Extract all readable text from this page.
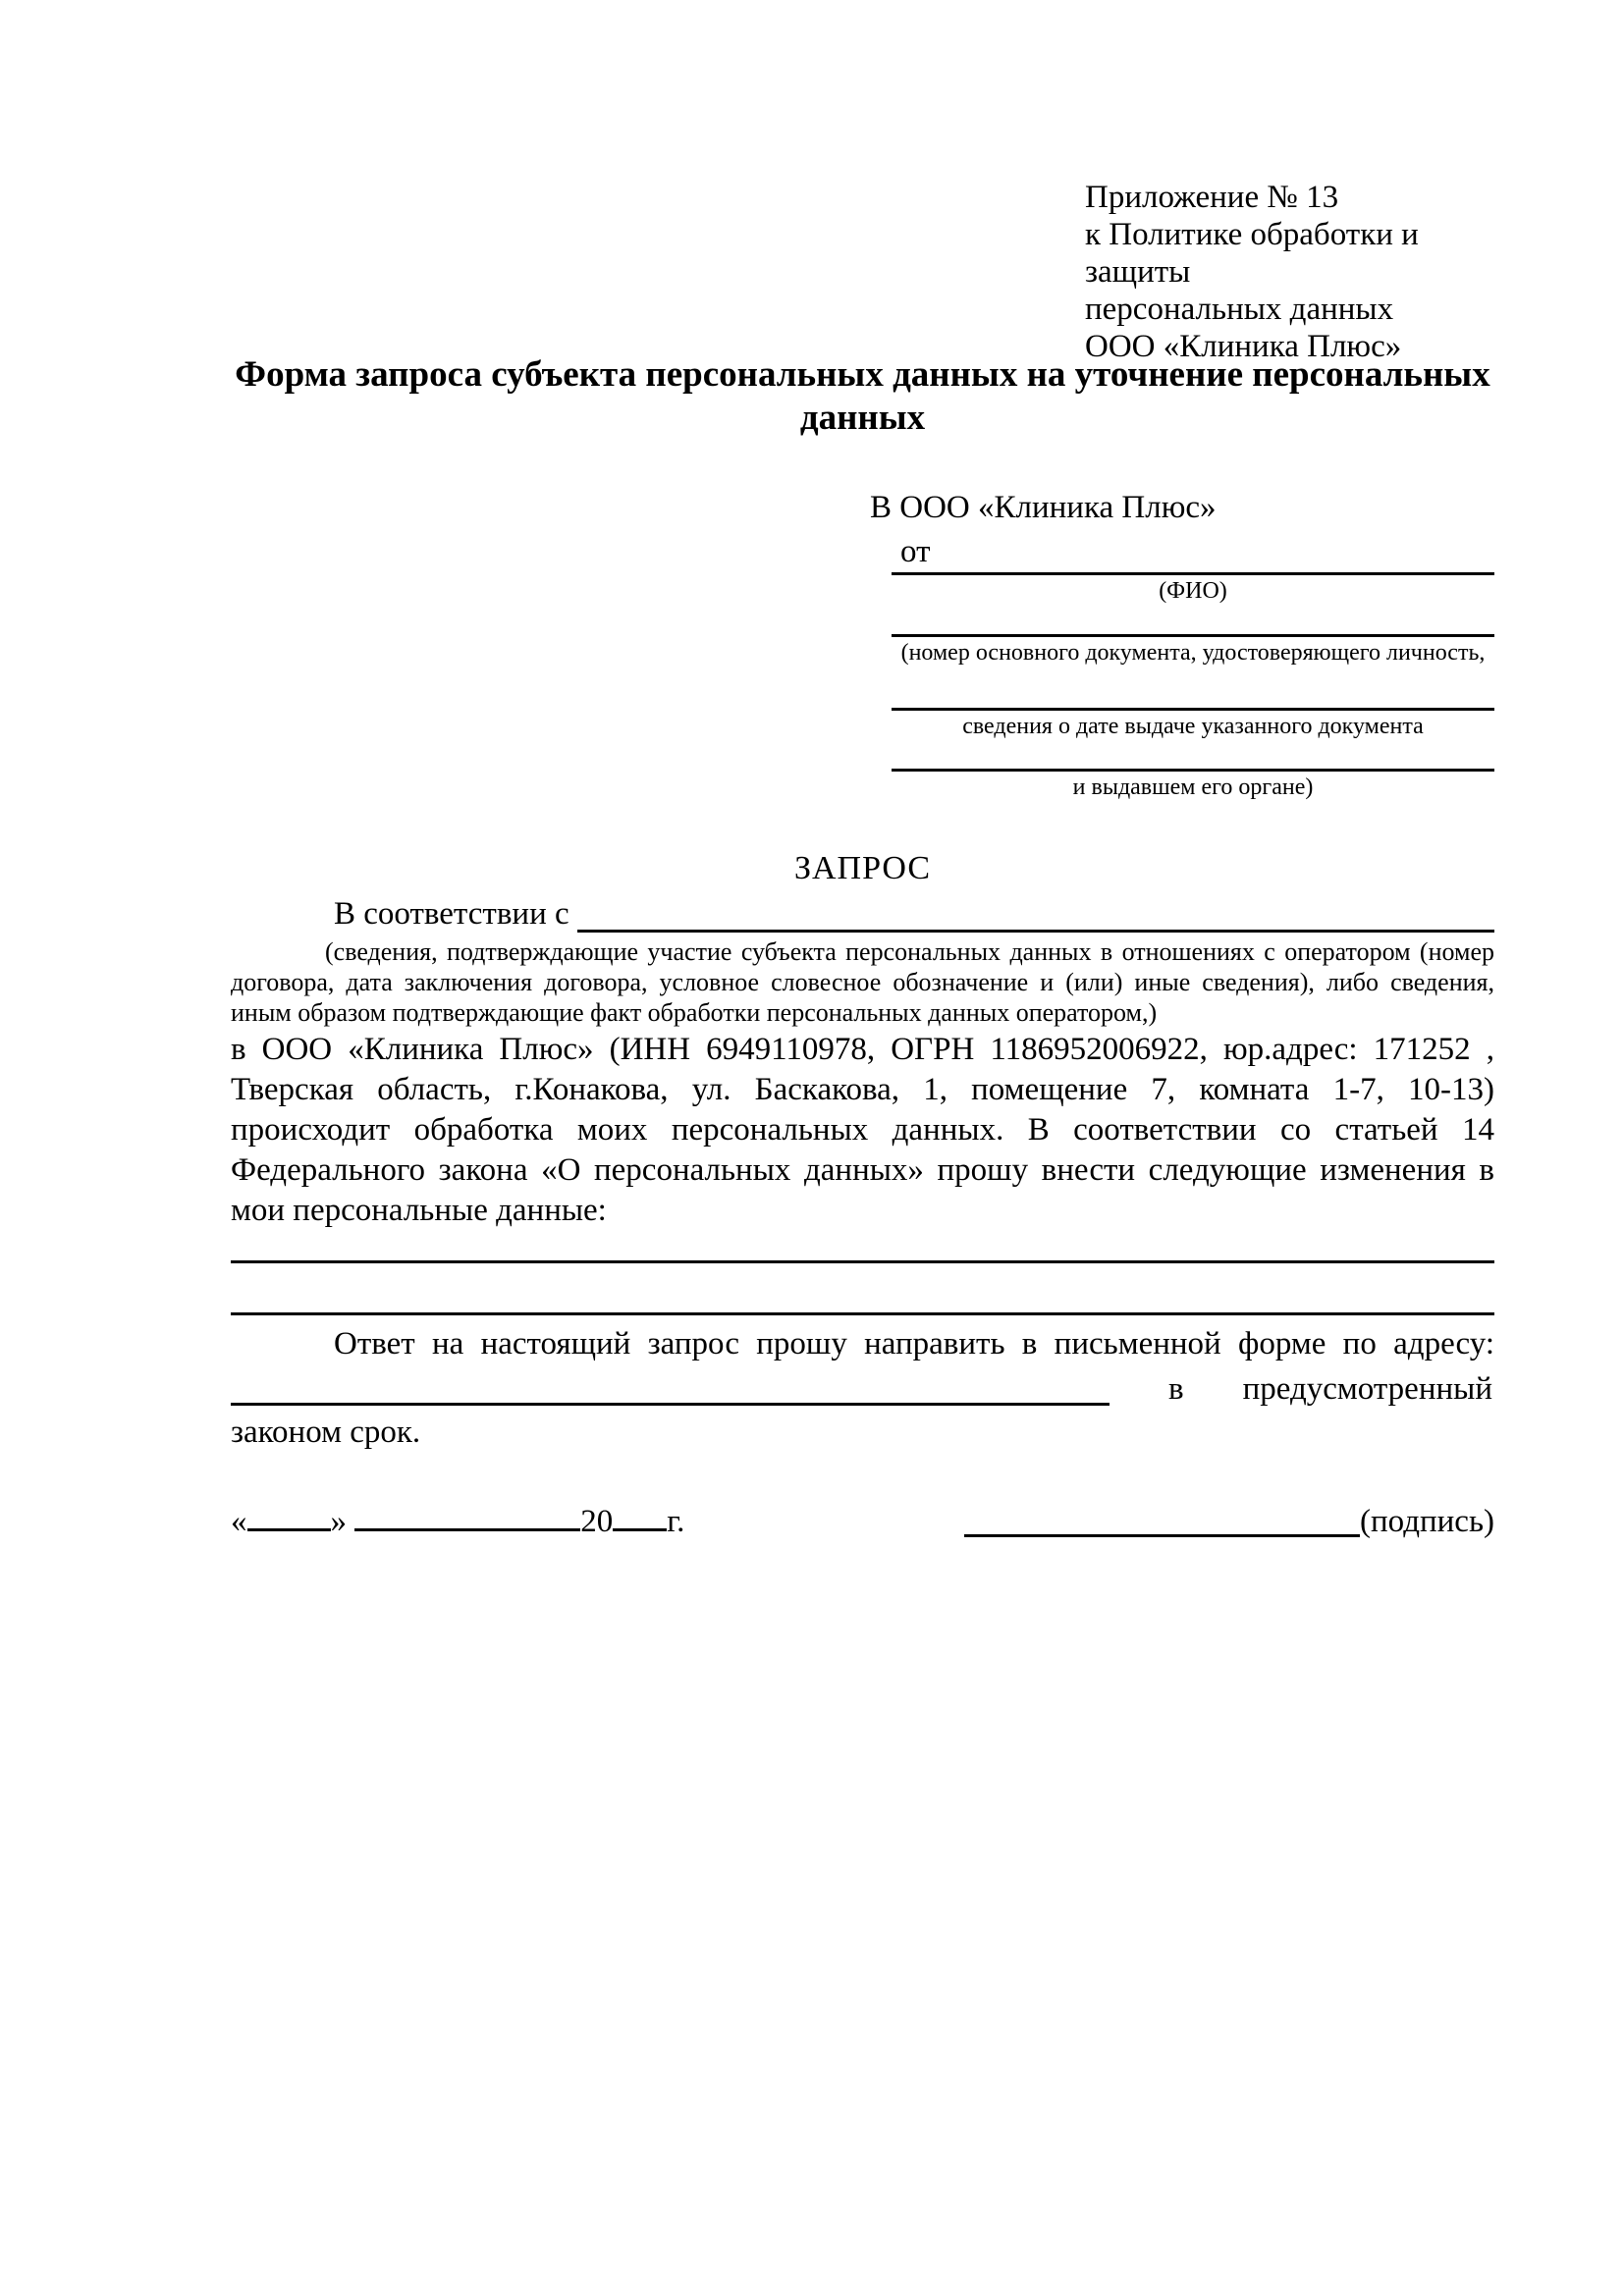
Приложение № 13
к Политике обработки и защиты
персональных данных
ООО «Клиника Плюс»
Форма запроса субъекта персональных данных на уточнение персональных данных
В ООО «Клиника Плюс»
от
(ФИО)
(номер основного документа, удостоверяющего личность,
сведения о дате выдаче указанного документа
и выдавшем его органе)
ЗАПРОС
В соответствии с
(сведения, подтверждающие участие субъекта персональных данных в отношениях с оператором (номер договора, дата заключения договора, условное словесное обозначение и (или) иные сведения), либо сведения, иным образом подтверждающие факт обработки персональных данных оператором,)
в ООО «Клиника Плюс» (ИНН 6949110978, ОГРН 1186952006922, юр.адрес: 171252 , Тверская область, г.Конакова, ул. Баскакова, 1, помещение 7, комната 1-7, 10-13) происходит обработка моих персональных данных. В соответствии со статьей 14 Федерального закона «О персональных данных» прошу внести следующие изменения в мои персональные данные:
Ответ на настоящий запрос прошу направить в письменной форме по адресу:
в предусмотренный
законом срок.
«	»	20 г.	(подпись)
